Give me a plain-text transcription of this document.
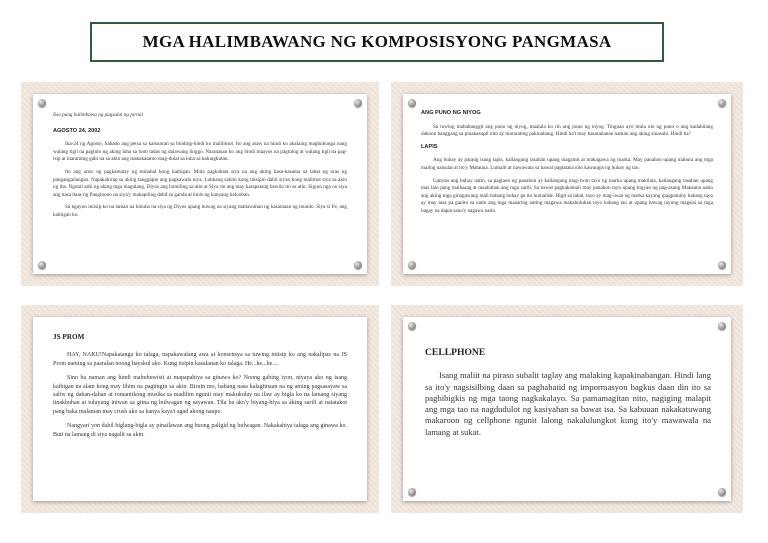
MGA HALIMBAWANG NG KOMPOSISYONG PANGMASA
Iisa pang halimbawa ng pagsulat ng jornal
AGOSTO 24, 2002

Ika-24 ng Agosto, Sabado ang petsa sa kalsunran sa binding-hindi ko malilimot. Ito ang araw na hindi ko akalaing magbubunga nang walang tigil na pagtulo ng aking luha sa loob ladas ng dalawang linggo. Naranasan ko ang hindi maayos na pagtulog at walang tigil na pag-isip at maraming gabi na sa akin ang makakatamo mag-dulal sa luha sa kalungkutan.

Ito ang araw ng pagkamatay ng minahal kong kaibigan. Mula pagkabata siya na ang aking kasa-kasama sa lahat ng oras ng pangangailangan. Napakahirap sa aking tanggapin ang pagkawala niya. Lubhang sakim kong inisipin dahil siyan kong malimot siya sa akin ng iba. Ngunit sabi ng aking mga magulang, Diyos ang humiling sa atin at Siya rin ang may karapatang bawiin ito sa atin. Siguro nga oo siya ang nasa itaas ng Panginoon na siya'y makapiling dahil sa ganda at kinis ng kanyang kalooban.

Sa ngayon iniisip ko na laman na kinuha na siya ng Diyos upang huwag na siyang mahawahan ng kasamaan ng mundo. Siya si Fe, ang kaibigan ko.

ANG PUNO NG NIYOG

Sa tuwing mababanggit ang puno ng niyog, maalala ko rin ang puno ng niyog. Tinguan ayo mula ulo ng puno o ang kadahilang dahoon hanggang sa pinakasupil nito ay mararating pakinabang. Hindi ba't may kasarahanan naman ang aking sinasabi. Hindi ba?

LAPIS

Ang buhay ay parang isang lapis, kailangang tasahan upang magamit at makagawa ng marka. May panahon upang mabura ang mga maling naisulat at ito'y Matauna. Lumalit at nawawala sa bawat pagtatasa nito kawangis ng buhay ng tao.

Ganyan ang buhay natin, sa paglaon ng panahon ay kailangang mag-iwan tayo ng marka upang makilala, kailangang tasahan upang mas lalo pang maihasag at maabuhan ang mga sarili. Sa bawat pagkakamali may panahon tayo upang bigyan ng pag-asang Makauna natin ang aking mga ginagawang mali habang buhay pa ito humalide. Higit sa lahat, tayo ay mag-iwan ng marka kayang ipagpatuloy habang tayo ay may tasa pa ganito sa natin ang mga maaaring nating magawa makabuluhan tayo habang tao at upang hawag tayong magsisi sa mga bagay na dapat sana'y nagawa natin.

JS PROM

HAY, NAKU!Napakatanga ko talaga, napakawalang awa at konsensya sa tuwing iniisip ko ang nakalipas na JS Prom naming sa paaralan noong hayskul ako. Kung iisipin kasalanan ko talaga. He...he...he....

Sino ba naman ang hindi mabubuwisit at mapapahiya sa ginawa ko? Noong gabing iyon, niyaya ako ng isang kaibigan na alam kong may lihim na pagtingin sa akin. Biruin mo, habang nasa kalagitnaan na ng aming pagsasayaw sa saliw ng dahan-dahan at romantikong musika sa madilim ngunit may makukulay na ilaw ay bigla ko na lamang siyang tinakbuhan at tuluyang iniwan sa gitna ng bulwagan ng sayawan. Tila ba ako'y biyang-biya sa aking sarili at natatakot pang baka malaman may crush ako sa kanya kaya't agad akong naupo.

Nangyari yon dahil biglang-bigla ay pinailawan ang buong paligid ng bulwagan. Nakakahiya talaga ang ginawa ko. Buti na lamang di siya nagalit sa akin.

CELLPHONE

Isang maliit na piraso subalit taglay ang malaking kapakinabangan. Hindi lang sa ito'y nagsisilbing daan sa paghahatid ng impormasyon bagkus daan din ito sa pagbibigkis ng mga taong nagkakalayo. Sa pamamagitan nito, nagiging malapit ang mga tao na nagdudulot ng kasiyahan sa bawat isa. Sa kabuuan nakakatuwang makaroon ng cellphone ngunit lalong nakalulungkot kung ito'y mawawala na lamang at sukat.
